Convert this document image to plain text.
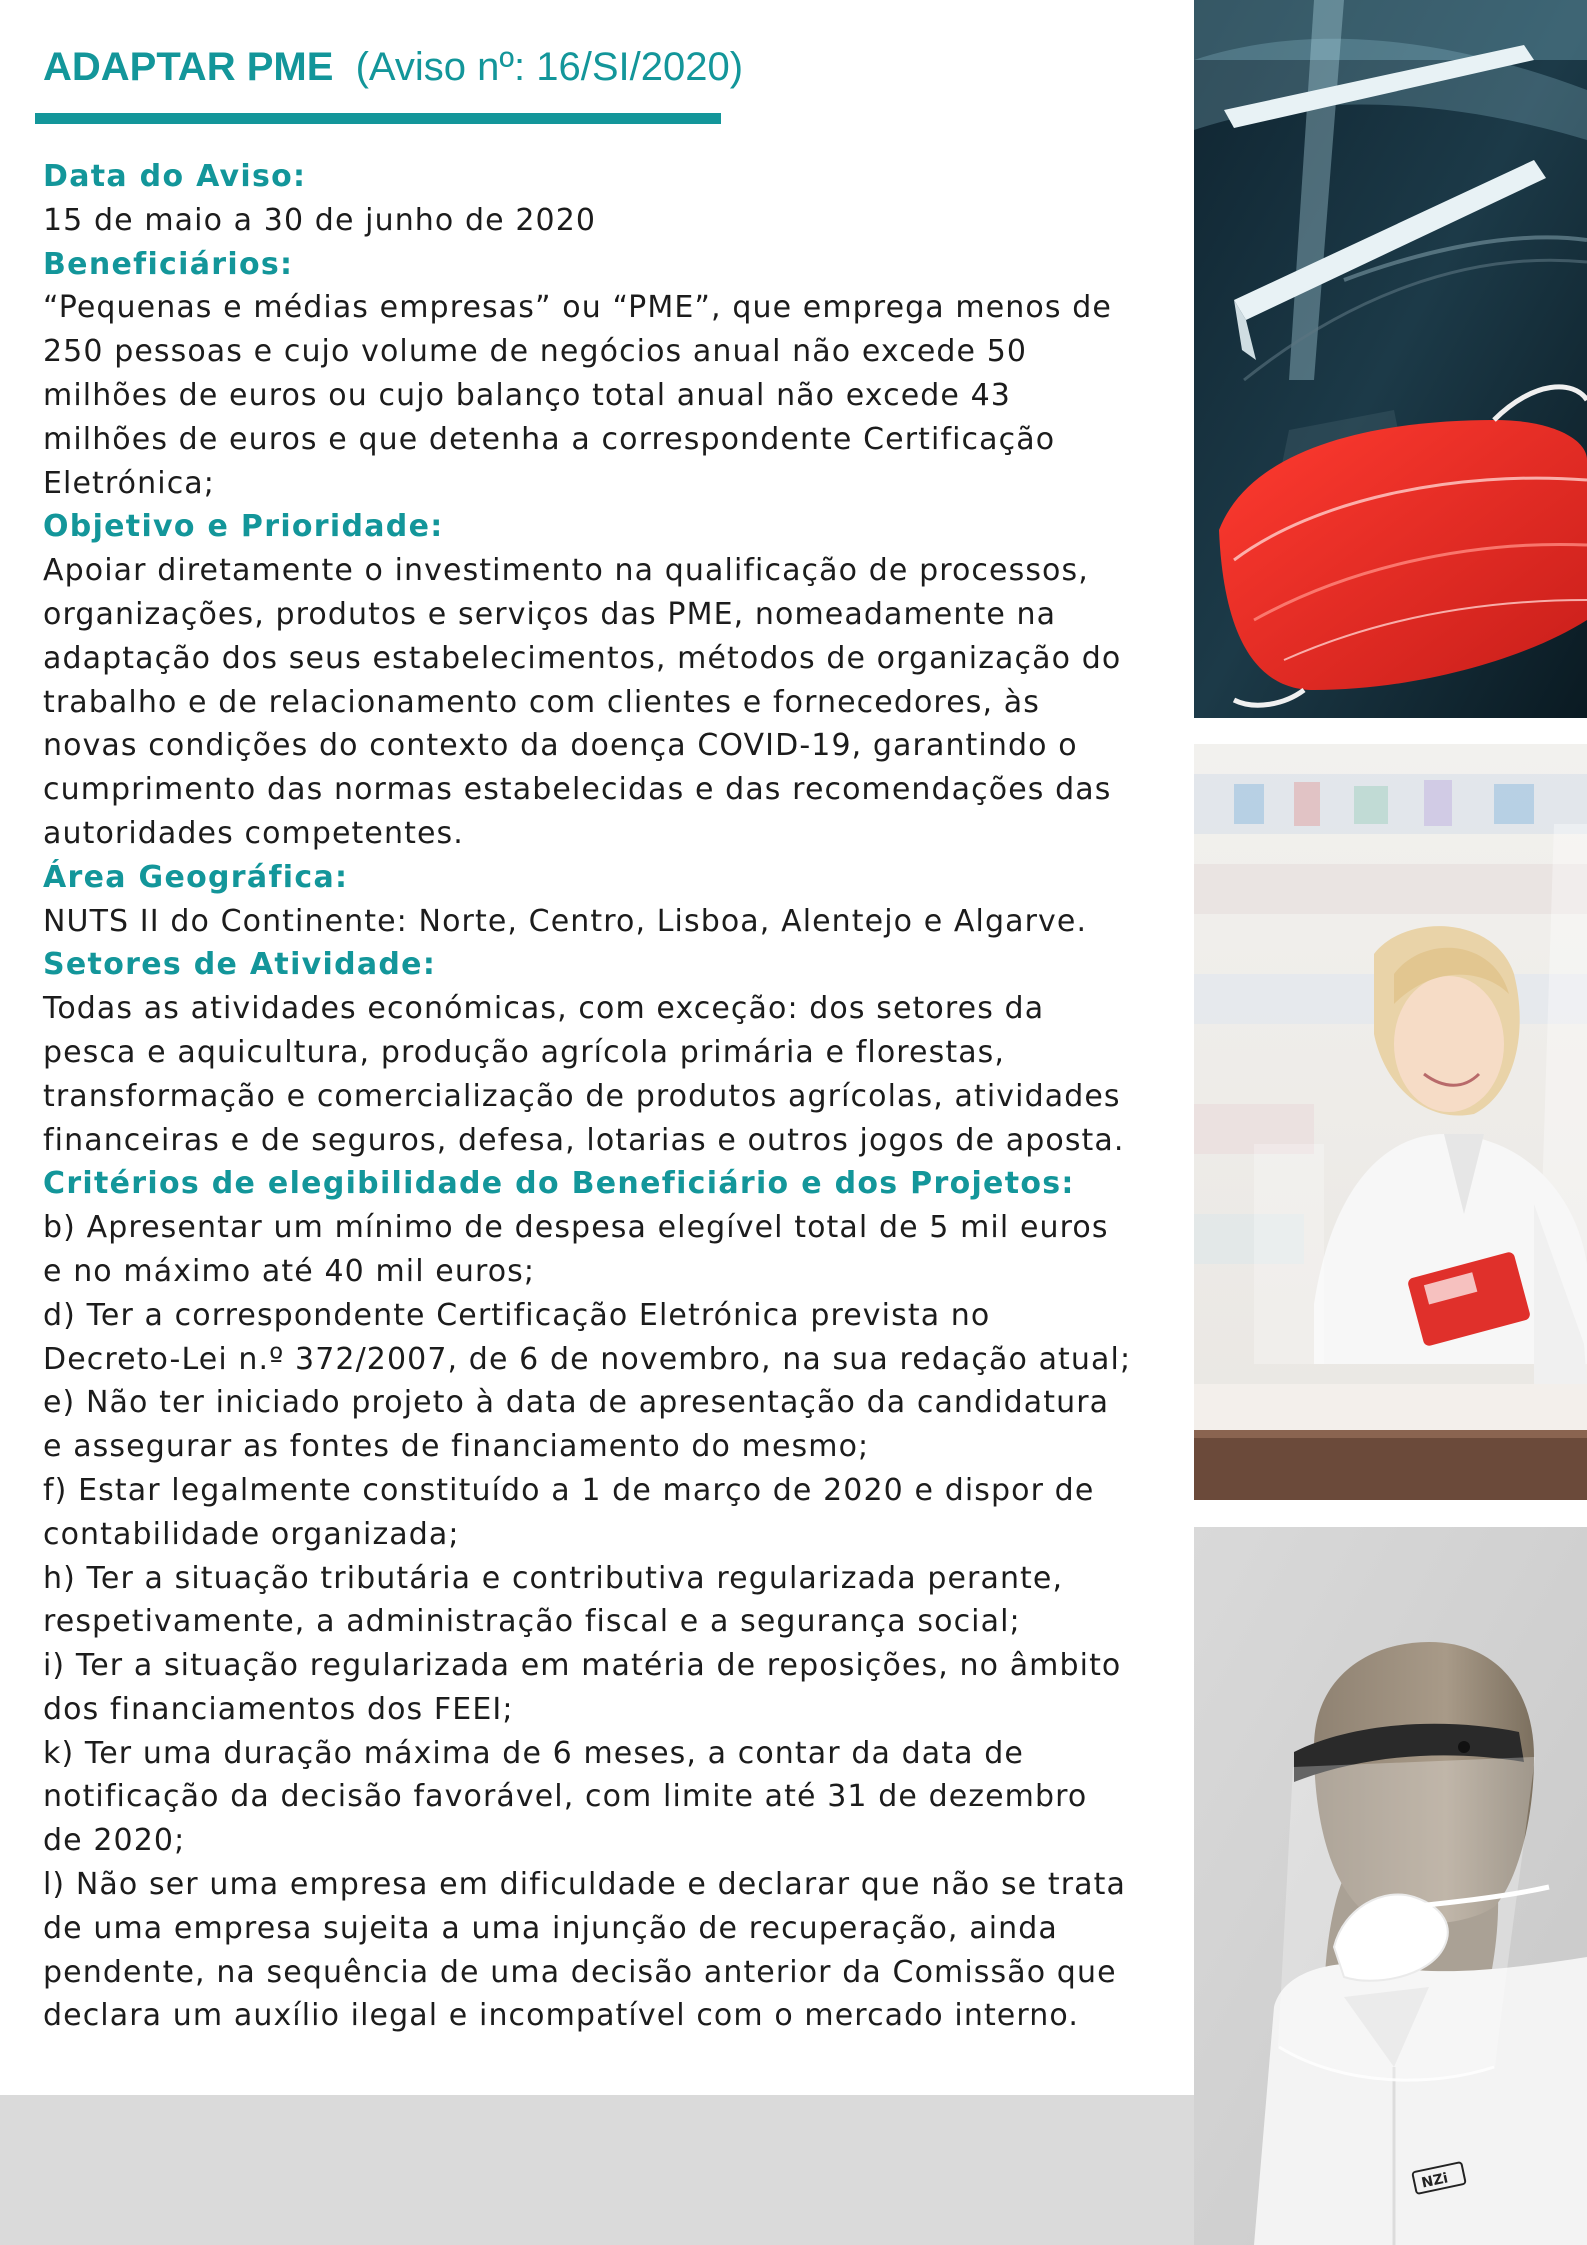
ADAPTAR PME (Aviso nº: 16/SI/2020)

Data do Aviso:

15 de maio a 30 de junho de 2020

Beneficiários:

“Pequenas e médias empresas” ou “PME”, que emprega menos de

250 pessoas e cujo volume de negócios anual não excede 50

milhões de euros ou cujo balanço total anual não excede 43

milhões de euros e que detenha a correspondente Certificação

Eletrónica;

Objetivo e Prioridade:

Apoiar diretamente o investimento na qualificação de processos,

organizações, produtos e serviços das PME, nomeadamente na

adaptação dos seus estabelecimentos, métodos de organização do

trabalho e de relacionamento com clientes e fornecedores, às

novas condições do contexto da doença COVID-19, garantindo o

cumprimento das normas estabelecidas e das recomendações das

autoridades competentes.

Área Geográfica:

NUTS II do Continente: Norte, Centro, Lisboa, Alentejo e Algarve.

Setores de Atividade:

Todas as atividades económicas, com exceção: dos setores da

pesca e aquicultura, produção agrícola primária e florestas,

transformação e comercialização de produtos agrícolas, atividades

financeiras e de seguros, defesa, lotarias e outros jogos de aposta.

Critérios de elegibilidade do Beneficiário e dos Projetos:

b) Apresentar um mínimo de despesa elegível total de 5 mil euros

e no máximo até 40 mil euros;

d) Ter a correspondente Certificação Eletrónica prevista no

Decreto-Lei n.º 372/2007, de 6 de novembro, na sua redação atual;

e) Não ter iniciado projeto à data de apresentação da candidatura

e assegurar as fontes de financiamento do mesmo;

f) Estar legalmente constituído a 1 de março de 2020 e dispor de

contabilidade organizada;

h) Ter a situação tributária e contributiva regularizada perante,

respetivamente, a administração fiscal e a segurança social;

i) Ter a situação regularizada em matéria de reposições, no âmbito

dos financiamentos dos FEEI;

k) Ter uma duração máxima de 6 meses, a contar da data de

notificação da decisão favorável, com limite até 31 de dezembro

de 2020;

l) Não ser uma empresa em dificuldade e declarar que não se trata

de uma empresa sujeita a uma injunção de recuperação, ainda

pendente, na sequência de uma decisão anterior da Comissão que

declara um auxílio ilegal e incompatível com o mercado interno.

NZi
